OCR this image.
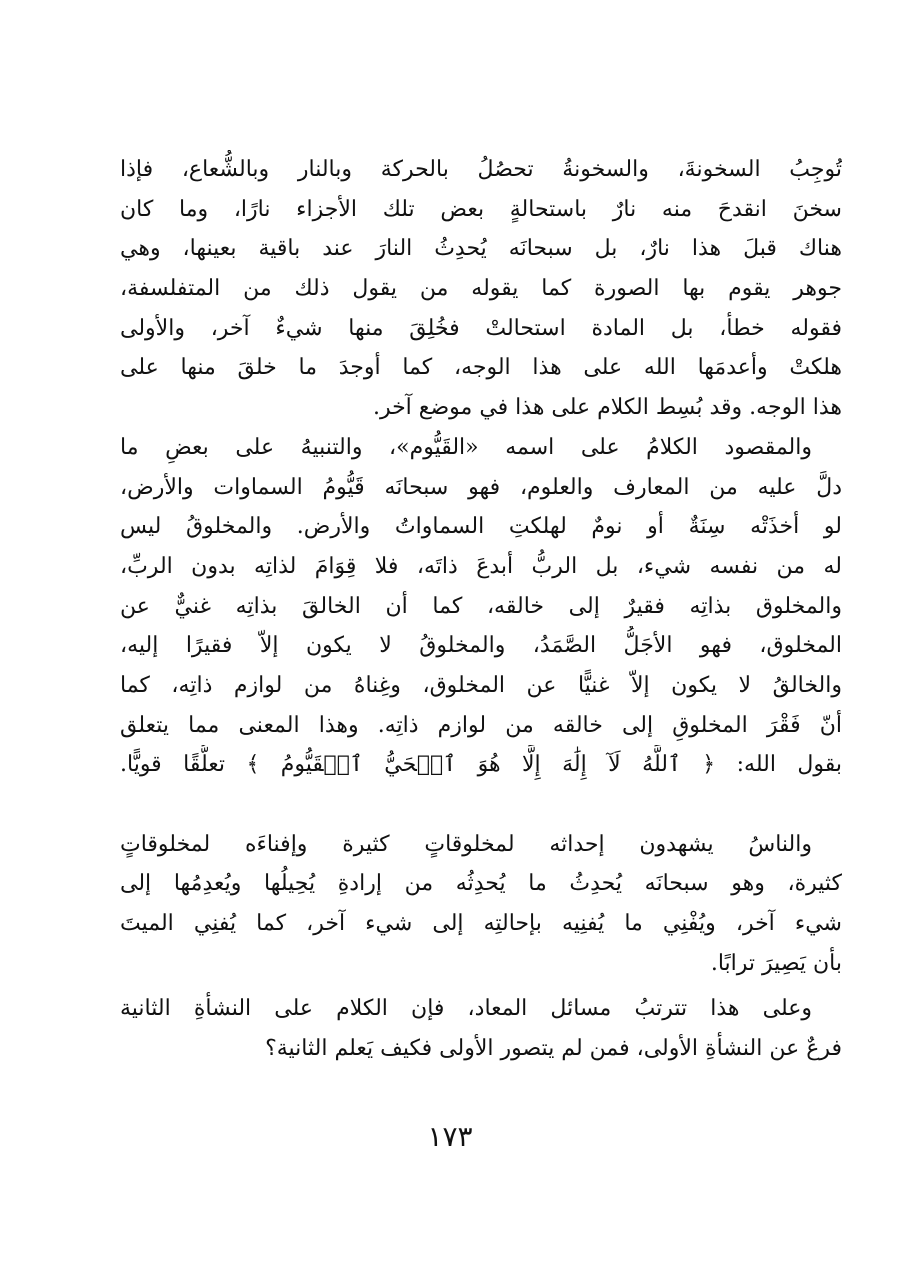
تُوجِبُ السخونةَ، والسخونةُ تحصُلُ بالحركة وبالنار وبالشُّعاع، فإذا
سخنَ انقدحَ منه نارٌ باستحالةٍ بعض تلك الأجزاء نارًا، وما كان
هناك قبلَ هذا نارٌ، بل سبحانَه يُحدِثُ النارَ عند باقية بعينها، وهي
جوهر يقوم بها الصورة كما يقوله من يقول ذلك من المتفلسفة،
فقوله خطأ، بل المادة استحالتْ فخُلِقَ منها شيءٌ آخر، والأولى
هلكتْ وأعدمَها الله على هذا الوجه، كما أوجدَ ما خلقَ منها على
هذا الوجه. وقد بُسِط الكلام على هذا في موضع آخر.
والمقصود الكلامُ على اسمه «القَيُّوم»، والتنبيهُ على بعضِ ما
دلَّ عليه من المعارف والعلوم، فهو سبحانَه قَيُّومُ السماوات والأرض،
لو أخذَتْه سِنَةٌ أو نومٌ لهلكتِ السماواتُ والأرض. والمخلوقُ ليس
له من نفسه شيء، بل الربُّ أبدعَ ذاتَه، فلا قِوَامَ لذاتِه بدون الربِّ،
والمخلوق بذاتِه فقيرٌ إلى خالقه، كما أن الخالقَ بذاتِه غنيٌّ عن
المخلوق، فهو الأجَلُّ الصَّمَدُ، والمخلوقُ لا يكون إلاّ فقيرًا إليه،
والخالقُ لا يكون إلاّ غنيًّا عن المخلوق، وغِناهُ من لوازم ذاتِه، كما
أنّ فَقْرَ المخلوقِ إلى خالقه من لوازم ذاتِه. وهذا المعنى مما يتعلق
بقول الله: ﴿ ٱللَّهُ لَآ إِلَٰهَ إِلَّا هُوَ ٱلۡحَيُّ ٱلۡقَيُّومُ ﴾ تعلُّقًا قويًّا.
والناسُ يشهدون إحداثه لمخلوقاتٍ كثيرة وإفناءَه لمخلوقاتٍ
كثيرة، وهو سبحانَه يُحدِثُ ما يُحدِثُه من إرادةِ يُحِيلُها ويُعدِمُها إلى
شيء آخر، ويُفْنِي ما يُفنِيه بإحالتِه إلى شيء آخر، كما يُفنِي الميتَ
بأن يَصِيرَ ترابًا.
وعلى هذا تترتبُ مسائل المعاد، فإن الكلام على النشأةِ الثانية
فرعٌ عن النشأةِ الأولى، فمن لم يتصور الأولى فكيف يَعلم الثانية؟
١٧٣
